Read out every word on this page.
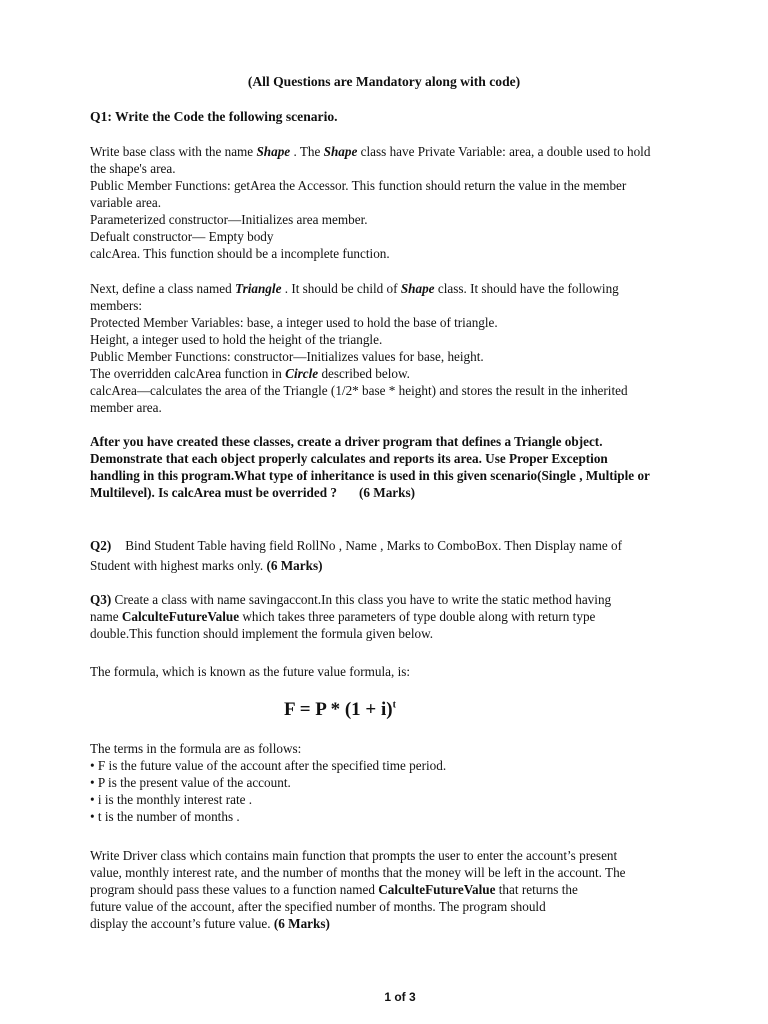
(All Questions are Mandatory along with code)

Q1: Write the Code the following scenario.

Write base class with the name Shape . The Shape class have Private Variable: area, a double used to hold
the shape's area.
Public Member Functions: getArea the Accessor. This function should return the value in the member
variable area.
Parameterized constructor—Initializes area member.
Defualt constructor— Empty body
calcArea. This function should be a incomplete function.
Next, define a class named Triangle . It should be child of Shape class. It should have the following
members:
Protected Member Variables: base, a integer used to hold the base of triangle.
Height, a integer used to hold the height of the triangle.
Public Member Functions: constructor—Initializes values for base, height.
The overridden calcArea function in Circle described below.
calcArea—calculates the area of the Triangle (1/2* base * height) and stores the result in the inherited
member area.
After you have created these classes, create a driver program that defines a Triangle object.
Demonstrate that each object properly calculates and reports its area. Use Proper Exception
handling in this program.What type of inheritance is used in this given scenario(Single , Multiple or
Multilevel). Is calcArea must be overrided ? (6 Marks)
Q2) Bind Student Table having field RollNo , Name , Marks to ComboBox. Then Display name of
Student with highest marks only. (6 Marks)
Q3) Create a class with name savingaccont.In this class you have to write the static method having
name CalculteFutureValue which takes three parameters of type double along with return type
double.This function should implement the formula given below.

The formula, which is known as the future value formula, is:

$F = P * (1 + i)^t$

The terms in the formula are as follows:
• F is the future value of the account after the specified time period.
• P is the present value of the account.
• i is the monthly interest rate .
• t is the number of months .
Write Driver class which contains main function that prompts the user to enter the account’s present
value, monthly interest rate, and the number of months that the money will be left in the account. The
program should pass these values to a function named CalculteFutureValue that returns the
future value of the account, after the specified number of months. The program should
display the account’s future value. (6 Marks)

1 of 3
